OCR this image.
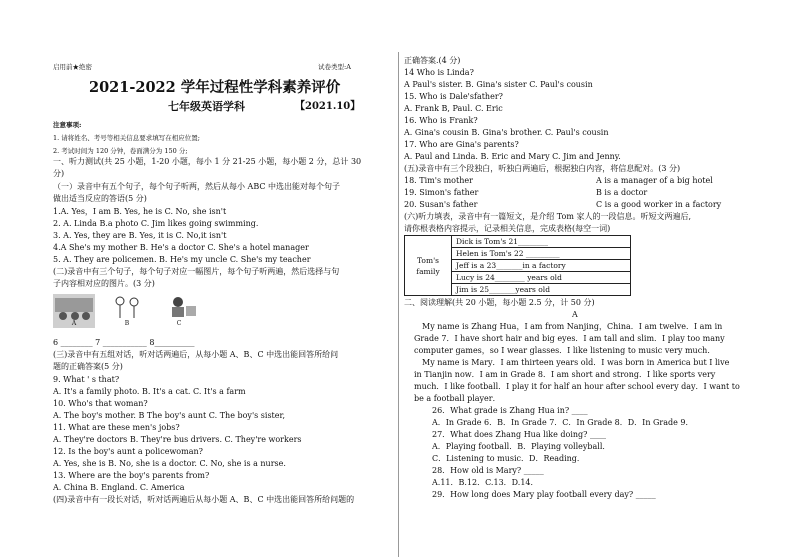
启用前★绝密	试卷类型:A
2021-2022 学年过程性学科素养评价
七年级英语学科	【2021.10】
注意事项:
1. 请将姓名、考号等相关信息要求填写在相应位置;
2. 考试时间为 120 分钟，卷面满分为 150 分;
一、听力测试(共 25 小题，1-20 小题，每小 1 分 21-25 小题，每小题 2 分，总计 30
分)
（一）录音中有五个句子，每个句子听两，然后从每小 ABC 中选出能对每个句子
做出适当反应的答语(5 分)
1.A. Yes，I am B. Yes, he is C. No, she isn't
2. A. Linda B.a photo C. Jim likes going swimming.
3. A. Yes, they are B. Yes, it is C. No,it isn't
4.A She's my mother B. He's a doctor C. She's a hotel manager
5. A. They are policemen. B. He's my uncle C. She's my teacher
(二)录音中有三个句子，每个句子对应一幅图片，每个句子听两遍，然后选择与句
子内容相对应的图片。(3 分)
A	B	C
6 ________ 7 ___________ 8__________
(三)录音中有五组对话，听对话两遍后，从每小题 A、B、C 中选出能回答所给问
题的正确答案(5 分)
9. What ' s that?
A. It's a family photo. B. It's a cat. C. It's a farm
10. Who's that woman?
A. The boy's mother. B The boy's aunt C. The boy's sister,
11. What are these men's jobs?
A. They're doctors B. They're bus drivers. C. They're workers
12. Is the boy's aunt a policewoman?
A. Yes, she is B. No, she is a doctor. C. No, she is a nurse.
13. Where are the boy's parents from?
A. China B. England. C. America
(四)录音中有一段长对话，听对话两遍后从每小题 A、B、C 中选出能回答所给问题的
正确答案.(4 分)
14 Who is Linda?
A Paul's sister. B. Gina's sister C. Paul's cousin
15. Who is Dale'sfather?
A. Frank B, Paul. C. Eric
16. Who is Frank?
A. Gina's cousin B. Gina's brother. C. Paul's cousin
17. Who are Gina's parents?
A. Paul and Linda. B. Eric and Mary C. Jim and Jenny.
(五)录音中有三个段独白，听独白两遍后，根据独白内容，将信息配对。(3 分)
18. Tim's mother	A is a manager of a big hotel
19. Simon's father	B is a doctor
20. Susan's father	C is a good worker in a factory
(六)听力填表，录音中有一篇短文，是介绍 Tom 家人的一段信息。听短文两遍后,
请你根表格内容提示，记录相关信息，完成表格(每空一词)
Tom's
family
	Dick is Tom's 21________
Helen is Tom's 22 _________
Jeff is a 23_______in a factory
Lucy is 24________ years old
Jim is 25_______years old
二、阅读理解(共 20 小题，每小题 2.5 分，计 50 分)
A
My name is Zhang Hua，I am from Nanjing，China．I am twelve．I am in
Grade 7．I have short hair and big eyes．I am tall and slim．I play too many
computer games，so I wear glasses．I like listening to music very much．
My name is Mary．I am thirteen years old．I was born in America but I live
in Tianjin now．I am in Grade 8．I am short and strong．I like sports very
much．I like football．I play it for half an hour after school every day．I want to
be a football player．
26．What grade is Zhang Hua in? ____
A．In Grade 6．B．In Grade 7．C．In Grade 8．D．In Grade 9．
27．What does Zhang Hua like doing? ____
A．Playing football．B．Playing volleyball．
C．Listening to music．D．Reading．
28．How old is Mary? _____
A.11．B.12．C.13．D.14．
29．How long does Mary play football every day? _____
